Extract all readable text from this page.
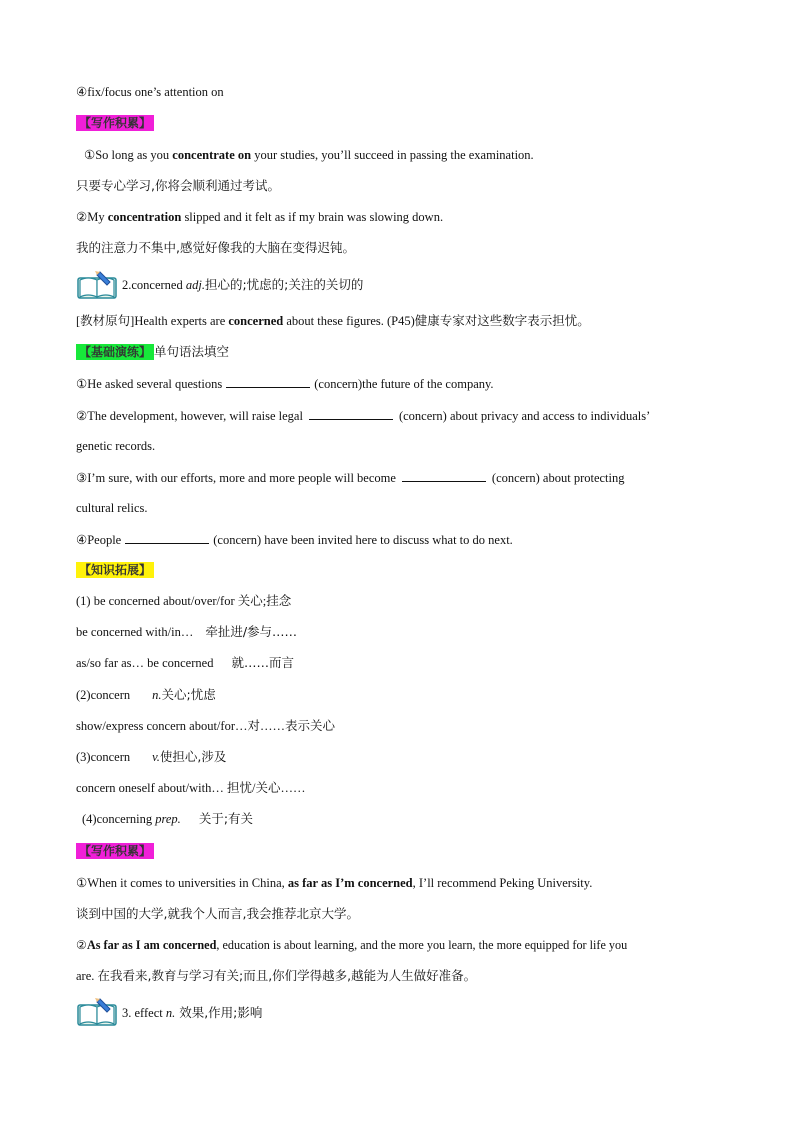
④fix/focus one’s attention on
【写作积累】
①So long as you concentrate on your studies, you’ll succeed in passing the examination.
只要专心学习,你将会顺利通过考试。
②My concentration slipped and it felt as if my brain was slowing down.
我的注意力不集中,感觉好像我的大脑在变得迟钝。
2.concerned adj.担心的;忧虑的;关注的关切的
[教材原句]Health experts are concerned about these figures. (P45)健康专家对这些数字表示担忧。
【基础演练】 单句语法填空
①He asked several questions	(concern)the future of the company.
②The development, however, will raise legal	(concern) about privacy and access to individuals’
genetic records.
③I’m sure, with our efforts, more and more people will become	(concern) about protecting
cultural relics.
④People	(concern) have been invited here to discuss what to do next.
【知识拓展】
(1) be concerned about/over/for 关心;挂念
be concerned with/in… 牵扯进/参与……
as/so far as… be concerned 就……而言
(2)concern n.关心;忧虑
show/express concern about/for…对……表示关心
(3)concern v.使担心,涉及
concern oneself about/with… 担忧/关心……
(4)concerning prep. 关于;有关
【写作积累】
①When it comes to universities in China, as far as I’m concerned, I’ll recommend Peking University.
谈到中国的大学,就我个人而言,我会推荐北京大学。
②As far as I am concerned, education is about learning, and the more you learn, the more equipped for life you
are. 在我看来,教育与学习有关;而且,你们学得越多,越能为人生做好准备。
3. effect n. 效果,作用;影响
